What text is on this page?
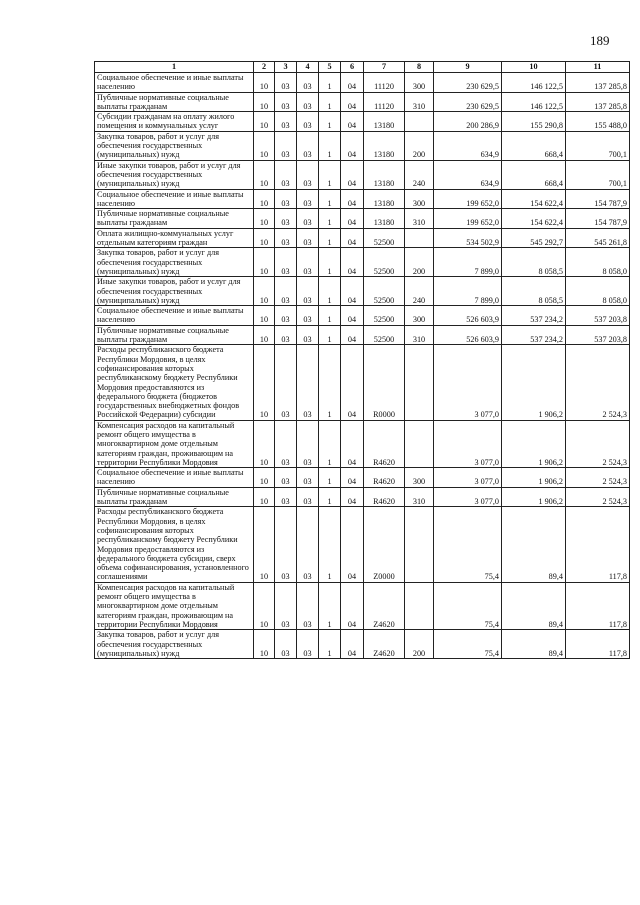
189
1	2	3	4	5	6	7	8	9	10	11
Социальное обеспечение и иные выплаты населению	10	03	03	1	04	11120	300	230 629,5	146 122,5	137 285,8
Публичные нормативные социальные выплаты гражданам	10	03	03	1	04	11120	310	230 629,5	146 122,5	137 285,8
Субсидии гражданам на оплату жилого помещения и коммунальных услуг	10	03	03	1	04	13180		200 286,9	155 290,8	155 488,0
Закупка товаров, работ и услуг для обеспечения государственных (муниципальных) нужд	10	03	03	1	04	13180	200	634,9	668,4	700,1
Иные закупки товаров, работ и услуг для обеспечения государственных (муниципальных) нужд	10	03	03	1	04	13180	240	634,9	668,4	700,1
Социальное обеспечение и иные выплаты населению	10	03	03	1	04	13180	300	199 652,0	154 622,4	154 787,9
Публичные нормативные социальные выплаты гражданам	10	03	03	1	04	13180	310	199 652,0	154 622,4	154 787,9
Оплата жилищно-коммунальных услуг отдельным категориям граждан	10	03	03	1	04	52500		534 502,9	545 292,7	545 261,8
Закупка товаров, работ и услуг для обеспечения государственных (муниципальных) нужд	10	03	03	1	04	52500	200	7 899,0	8 058,5	8 058,0
Иные закупки товаров, работ и услуг для обеспечения государственных (муниципальных) нужд	10	03	03	1	04	52500	240	7 899,0	8 058,5	8 058,0
Социальное обеспечение и иные выплаты населению	10	03	03	1	04	52500	300	526 603,9	537 234,2	537 203,8
Публичные нормативные социальные выплаты гражданам	10	03	03	1	04	52500	310	526 603,9	537 234,2	537 203,8
Расходы республиканского бюджета Республики Мордовия, в целях софинансирования которых республиканскому бюджету Республики Мордовия предоставляются из федерального бюджета (бюджетов государственных внебюджетных фондов Российской Федерации) субсидии	10	03	03	1	04	R0000		3 077,0	1 906,2	2 524,3
Компенсация расходов на капитальный ремонт общего имущества в многоквартирном доме отдельным категориям граждан, проживающим на территории Республики Мордовия	10	03	03	1	04	R4620		3 077,0	1 906,2	2 524,3
Социальное обеспечение и иные выплаты населению	10	03	03	1	04	R4620	300	3 077,0	1 906,2	2 524,3
Публичные нормативные социальные выплаты гражданам	10	03	03	1	04	R4620	310	3 077,0	1 906,2	2 524,3
Расходы республиканского бюджета Республики Мордовия, в целях софинансирования которых республиканскому бюджету Республики Мордовия предоставляются из федерального бюджета субсидии, сверх объема софинансирования, установленного соглашениями	10	03	03	1	04	Z0000		75,4	89,4	117,8
Компенсация расходов на капитальный ремонт общего имущества в многоквартирном доме отдельным категориям граждан, проживающим на территории Республики Мордовия	10	03	03	1	04	Z4620		75,4	89,4	117,8
Закупка товаров, работ и услуг для обеспечения государственных (муниципальных) нужд	10	03	03	1	04	Z4620	200	75,4	89,4	117,8
